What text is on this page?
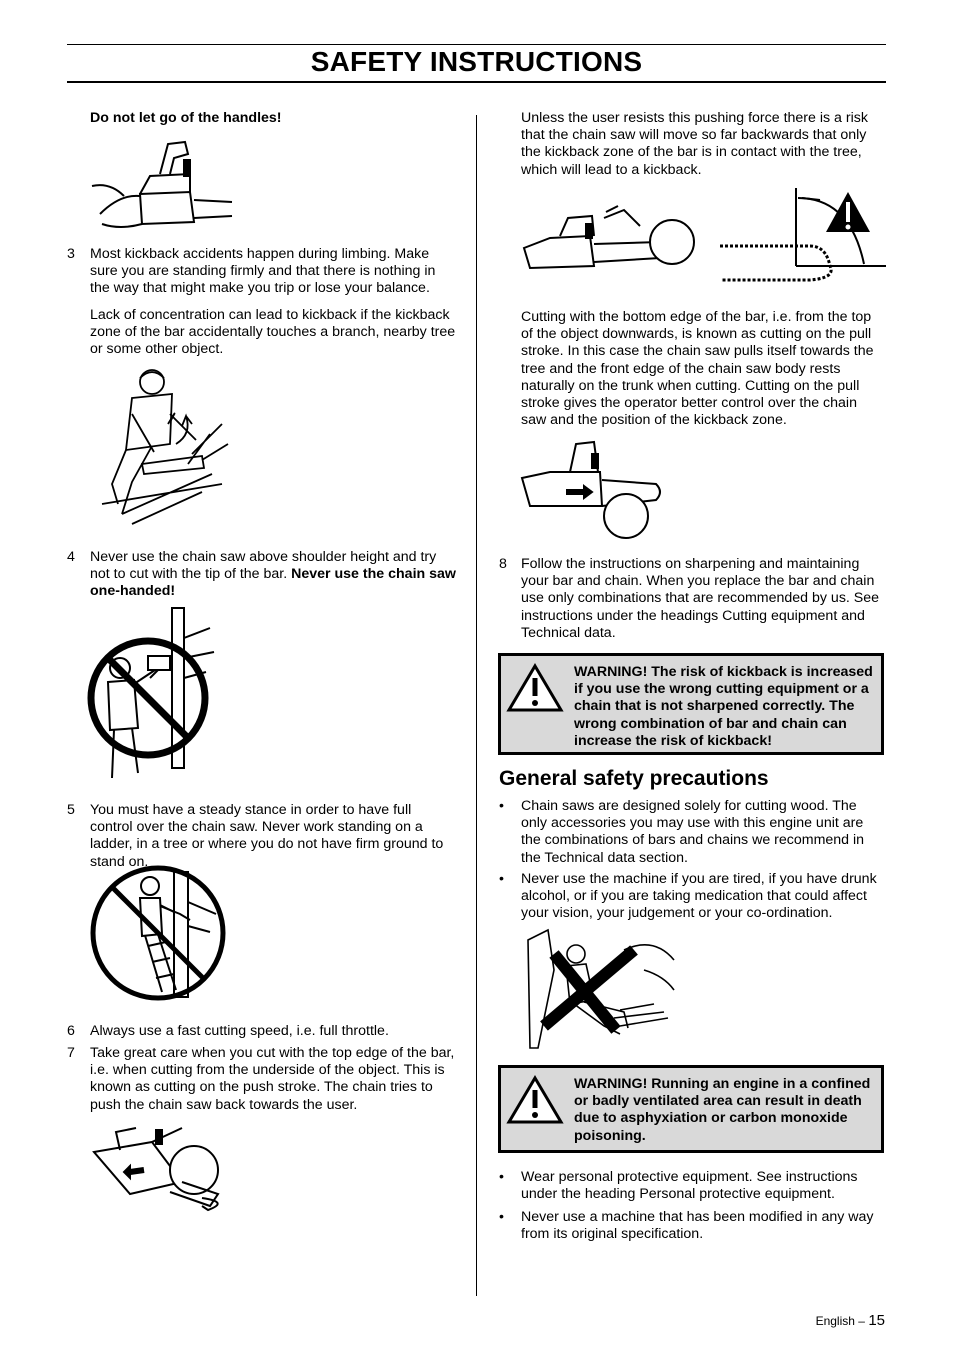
SAFETY INSTRUCTIONS
Do not let go of the handles!
3 Most kickback accidents happen during limbing. Make sure you are standing firmly and that there is nothing in the way that might make you trip or lose your balance.
Lack of concentration can lead to kickback if the kickback zone of the bar accidentally touches a branch, nearby tree or some other object.
4 Never use the chain saw above shoulder height and try not to cut with the tip of the bar. Never use the chain saw one-handed!
5 You must have a steady stance in order to have full control over the chain saw. Never work standing on a ladder, in a tree or where you do not have firm ground to stand on.
6 Always use a fast cutting speed, i.e. full throttle.
7 Take great care when you cut with the top edge of the bar, i.e. when cutting from the underside of the object. This is known as cutting on the push stroke. The chain tries to push the chain saw back towards the user.
Unless the user resists this pushing force there is a risk that the chain saw will move so far backwards that only the kickback zone of the bar is in contact with the tree, which will lead to a kickback.
Cutting with the bottom edge of the bar, i.e. from the top of the object downwards, is known as cutting on the pull stroke. In this case the chain saw pulls itself towards the tree and the front edge of the chain saw body rests naturally on the trunk when cutting. Cutting on the pull stroke gives the operator better control over the chain saw and the position of the kickback zone.
8 Follow the instructions on sharpening and maintaining your bar and chain. When you replace the bar and chain use only combinations that are recommended by us. See instructions under the headings Cutting equipment and Technical data.
WARNING! The risk of kickback is increased if you use the wrong cutting equipment or a chain that is not sharpened correctly. The wrong combination of bar and chain can increase the risk of kickback!
General safety precautions
• Chain saws are designed solely for cutting wood. The only accessories you may use with this engine unit are the combinations of bars and chains we recommend in the Technical data section.
• Never use the machine if you are tired, if you have drunk alcohol, or if you are taking medication that could affect your vision, your judgement or your co-ordination.
WARNING! Running an engine in a confined or badly ventilated area can result in death due to asphyxiation or carbon monoxide poisoning.
• Wear personal protective equipment. See instructions under the heading Personal protective equipment.
• Never use a machine that has been modified in any way from its original specification.
English – 15
